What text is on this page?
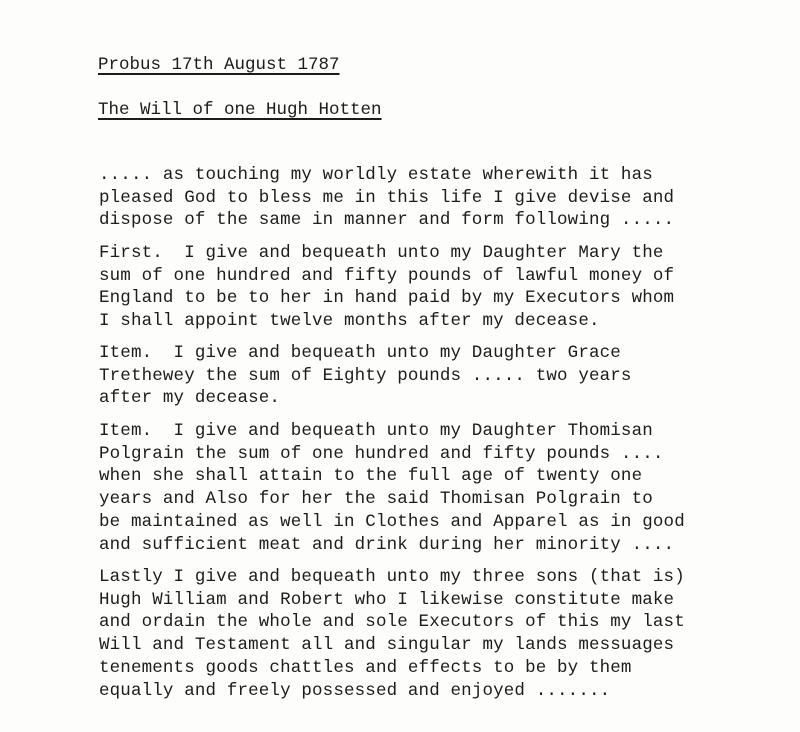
Probus 17th August 1787
The Will of one Hugh Hotten

..... as touching my worldly estate wherewith it has
pleased God to bless me in this life I give devise and
dispose of the same in manner and form following .....

First.  I give and bequeath unto my Daughter Mary the
sum of one hundred and fifty pounds of lawful money of
England to be to her in hand paid by my Executors whom
I shall appoint twelve months after my decease.

Item.  I give and bequeath unto my Daughter Grace
Trethewey the sum of Eighty pounds ..... two years
after my decease.

Item.  I give and bequeath unto my Daughter Thomisan
Polgrain the sum of one hundred and fifty pounds ....
when she shall attain to the full age of twenty one
years and Also for her the said Thomisan Polgrain to
be maintained as well in Clothes and Apparel as in good
and sufficient meat and drink during her minority ....

Lastly I give and bequeath unto my three sons (that is)
Hugh William and Robert who I likewise constitute make
and ordain the whole and sole Executors of this my last
Will and Testament all and singular my lands messuages
tenements goods chattles and effects to be by them
equally and freely possessed and enjoyed .......
